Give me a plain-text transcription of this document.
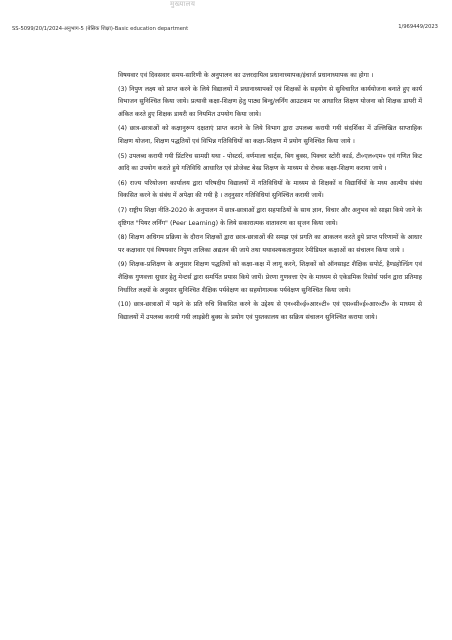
मुख्यालय
SS-5099/20/1/2024-अनुभाग-5 (बेसिक शिक्षा)-Basic education department	1/969449/2023

विषयवार एवं दिवसवार समय-सारिणी के अनुपालन का उत्तरदायित्व प्रधानाध्यापक/इंचार्ज प्रधानाध्यापक का होगा ।

(3) निपुण लक्ष्य को प्राप्त करने के लिये विद्यालयों में प्रधानाध्यापकों एवं शिक्षकों के सहयोग से सुविचारित कार्ययोजना बनाते हुए कार्य विभाजन सुनिश्चित किया जाये। प्रत्यावी कक्षा-शिक्षण हेतु पाठ्य बिन्दु/लर्निंग आउटकम पर आधारित शिक्षण योजना को शिक्षक डायरी में अंकित करते हुए शिक्षक डायरी का नियमित उपयोग किया जाये।

(4) छात्र-छात्राओं को कक्षानुरूप दक्षताएं प्राप्त कराने के लिये विभाग द्वारा उपलब्ध करायी गयी संदर्शिका में उल्लिखित साप्ताहिक शिक्षण योजना, शिक्षण पद्धतियों एवं विभिन्न गतिविधियों का कक्षा-शिक्षण में प्रयोग सुनिश्चित किया जाये ।

(5) उपलब्ध करायी गयी प्रिंटरिच सामग्री यथा - पोस्टर्स, वर्णमाला चार्ट्स, बिग बुक्स, पिक्चर स्टोरी कार्ड, टी०एल०एम० एवं गणित किट आदि का उपयोग कराते हुये गतिविधि आधारित एवं प्रोजेक्ट बेस्ड शिक्षण के माध्यम से रोचक कक्षा-शिक्षण कराया जाये ।

(6) राज्य परियोजना कार्यालय द्वारा परिषदीय विद्यालयों में गतिविधियों के माध्यम से शिक्षकों व विद्यार्थियों के मध्य आत्मीय संबंध विकसित करने के संबंध में अपेक्षा की गयी है । तद्नुसार गतिविधियां सुनिश्चित करायी जायें।

(7) राष्ट्रीय शिक्षा नीति-2020 के अनुपालन में छात्र-छात्राओं द्वारा सहपाठियों के साथ ज्ञान, विचार और अनुभव को साझा किये जाने के दृष्टिगत "पियर लर्निंग" (Peer Learning) के लिये सकारात्मक वातावरण का सृजन किया जाये।

(8) शिक्षण अधिगम प्रक्रिया के दौरान शिक्षकों द्वारा छात्र-छात्राओं की समझ एवं प्रगति का आकलन करते हुये प्राप्त परिणामों के आधार पर कक्षावार एवं विषयवार निपुण तालिका अद्यतन की जाये तथा यथावश्यकतानुसार रेमीडियल कक्षाओं का संचालन किया जाये ।

(9) शिक्षक-प्रशिक्षण के अनुसार शिक्षण पद्धतियों को कक्षा-कक्ष में लागू करने, शिक्षकों को ऑनसाइट शैक्षिक सपोर्ट, हैण्डहोल्डिंग एवं शैक्षिक गुणवत्ता सुधार हेतु मेन्टर्स द्वारा समर्पित प्रयास किये जायें। प्रेरणा गुणवत्ता ऐप के माध्यम से एकेडमिक रिसोर्स पर्सन द्वारा प्रतिमाह निर्धारित लक्ष्यों के अनुसार सुनिश्चित शैक्षिक पर्यवेक्षण का सहयोगात्मक पर्यवेक्षण सुनिश्चित किया जाये।

(10) छात्र-छात्राओं में पढ़ने के प्रति रुचि विकसित करने के उद्देश्य से एन०सी०ई०आर०टी० एवं एस०सी०ई०आर०टी० के माध्यम से विद्यालयों में उपलब्ध करायी गयी लाइब्रेरी बुक्स के प्रयोग एवं पुस्तकालय का सक्रिय संचालन सुनिश्चित कराया जाये।
